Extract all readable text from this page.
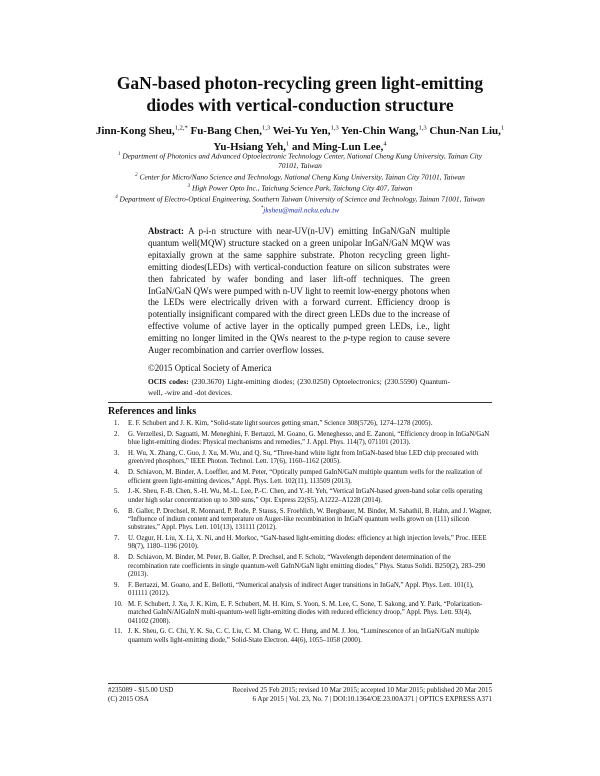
GaN-based photon-recycling green light-emitting
diodes with vertical-conduction structure
Jinn-Kong Sheu,$^{1,2,*}$ Fu-Bang Chen,$^{1,3}$ Wei-Yu Yen,$^{1,3}$ Yen-Chin Wang,$^{1,3}$ Chun-Nan Liu,$^1$ Yu-Hsiang Yeh,$^1$ and Ming-Lun Lee,$^4$
$^1$ Department of Photonics and Advanced Optoelectronic Technology Center, National Cheng Kung University, Tainan City 70101, Taiwan
$^2$ Center for Micro/Nano Science and Technology, National Cheng Kung University, Tainan City 70101, Taiwan
$^3$ High Power Opto Inc., Taichung Science Park, Taichung City 407, Taiwan
$^4$ Department of Electro-Optical Engineering, Southern Taiwan University of Science and Technology, Tainan 71001, Taiwan
*jksheu@mail.ncku.edu.tw
Abstract: A p-i-n structure with near-UV(n-UV) emitting InGaN/GaN multiple quantum well(MQW) structure stacked on a green unipolar InGaN/GaN MQW was epitaxially grown at the same sapphire substrate. Photon recycling green light-emitting diodes(LEDs) with vertical-conduction feature on silicon substrates were then fabricated by wafer bonding and laser lift-off techniques. The green InGaN/GaN QWs were pumped with n-UV light to reemit low-energy photons when the LEDs were electrically driven with a forward current. Efficiency droop is potentially insignificant compared with the direct green LEDs due to the increase of effective volume of active layer in the optically pumped green LEDs, i.e., light emitting no longer limited in the QWs nearest to the p-type region to cause severe Auger recombination and carrier overflow losses.
©2015 Optical Society of America
OCIS codes: (230.3670) Light-emitting diodes; (230.0250) Optoelectronics; (230.5590) Quantum-well, -wire and -dot devices.
References and links
1. E. F. Schubert and J. K. Kim, “Solid-state light sources getting smart,” Science 308(5726), 1274–1278 (2005).
2. G. Verzellesi, D. Saguatti, M. Meneghini, F. Bertazzi, M. Goano, G. Meneghesso, and E. Zanoni, “Efficiency droop in InGaN/GaN blue light-emitting diodes: Physical mechanisms and remedies,” J. Appl. Phys. 114(7), 071101 (2013).
3. H. Wu, X. Zhang, C. Guo, J. Xu, M. Wu, and Q. Su, “Three-band white light from InGaN-based blue LED chip precoated with green/red phosphors,” IEEE Photon. Technol. Lett. 17(6), 1160–1162 (2005).
4. D. Schiavon, M. Binder, A. Loeffler, and M. Peter, “Optically pumped GaInN/GaN multiple quantum wells for the realization of efficient green light-emitting devices,” Appl. Phys. Lett. 102(11), 113509 (2013).
5. J.-K. Sheu, F.-B. Chen, S.-H. Wu, M.-L. Lee, P.-C. Chen, and Y.-H. Yeh, “Vertical InGaN-based green-band solar cells operating under high solar concentration up to 300 suns,” Opt. Express 22(S5), A1222–A1228 (2014).
6. B. Galler, P. Drechsel, R. Monnard, P. Rode, P. Stauss, S. Froehlich, W. Bergbauer, M. Binder, M. Sabathil, B. Hahn, and J. Wagner, “Influence of indium content and temperature on Auger-like recombination in InGaN quantum wells grown on (111) silicon substrates,” Appl. Phys. Lett. 101(13), 131111 (2012).
7. U. Ozgur, H. Liu, X. Li, X. Ni, and H. Morkoc, “GaN-based light-emitting diodes: efficiency at high injection levels,” Proc. IEEE 98(7), 1180–1196 (2010).
8. D. Schiavon, M. Binder, M. Peter, B. Galler, P. Drechsel, and F. Scholz, “Wavelength dependent determination of the recombination rate coefficients in single quantum-well GaInN/GaN light emitting diodes,” Phys. Status Solidi. B250(2), 283–290 (2013).
9. F. Bertazzi, M. Goano, and E. Bellotti, “Numerical analysis of indirect Auger transitions in InGaN,” Appl. Phys. Lett. 101(1), 011111 (2012).
10. M. F. Schubert, J. Xu, J. K. Kim, E. F. Schubert, M. H. Kim, S. Yoon, S. M. Lee, C. Sone, T. Sakong, and Y. Park, “Polarization-matched GaInN/AlGaInN multi-quantum-well light-emitting diodes with reduced efficiency droop,” Appl. Phys. Lett. 93(4), 041102 (2008).
11. J. K. Sheu, G. C. Chi, Y. K. Su, C. C. Liu, C. M. Chang, W. C. Hung, and M. J. Jou, “Luminescence of an InGaN/GaN multiple quantum wells light-emitting diode,” Solid-State Electron. 44(6), 1055–1058 (2000).
#235089 - $15.00 USD	Received 25 Feb 2015; revised 10 Mar 2015; accepted 10 Mar 2015; published 20 Mar 2015
(C) 2015 OSA	6 Apr 2015 | Vol. 23, No. 7 | DOI:10.1364/OE.23.00A371 | OPTICS EXPRESS A371
